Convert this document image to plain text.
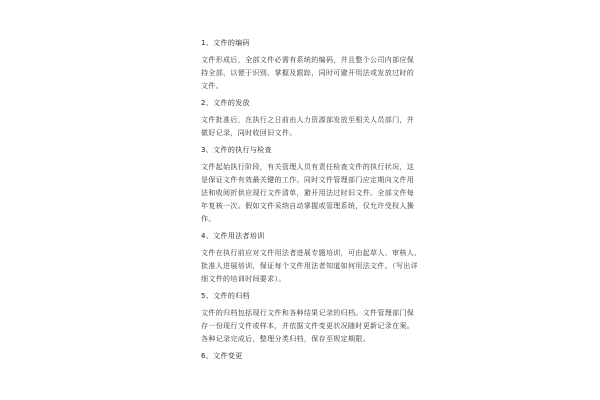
1、文件的编码
文件形成后，全部文件必需有系统的编码，并且整个公司内部应保
持全部，以便于识别、掌握及跟踪，同时可避开用法或发放过时的
文件。
2、文件的发放
文件批准后，在执行之日前由人力资源部发放至相关人员部门，并
做好记录，同时收回旧文件。
3、文件的执行与检查
文件起始执行阶段，有关管理人员有责任检查文件的执行状况，这
是保证文件有效最关键的工作。同时文件管理部门应定期向文件用
法和收阅折供应现行文件清单，避开用法过时旧文件。全部文件每
年复核一次。假如文件采纳自动掌握或管理系统，仅允许受权人操
作。
4、文件用法者培训
文件在执行前应对文件用法者进展专题培训，可由起草人、审核人、
批准人进展培训，保证每个文件用法者知道如何用法文件。（写出详
细文件的培训时间要求）。
5、文件的归档
文件的归档包括现行文件和各种结果记录的归档。文件管理部门保
存一份现行文件或样本，并依据文件变更状况随时更新记录在案。
各种记录完成后，整理分类归档，保存至规定期限。
6、文件变更
